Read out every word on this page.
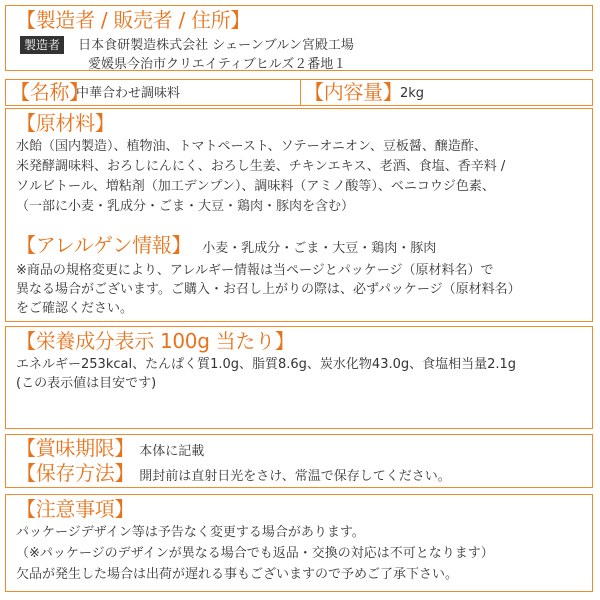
【製造者 / 販売者 / 住所】
製造者 日本食研製造株式会社 シェーンブルン宮殿工場
愛媛県今治市クリエイティブヒルズ２番地１
【名称】
中華合わせ調味料	【内容量】
2kg
【原材料】
水飴（国内製造）、植物油、トマトペースト、ソテーオニオン、豆板醤、醸造酢、
米発酵調味料、おろしにんにく、おろし生姜、チキンエキス、老酒、食塩、香辛料 /
ソルビトール、増粘剤（加工デンプン）、調味料（アミノ酸等）、ベニコウジ色素、
（一部に小麦・乳成分・ごま・大豆・鶏肉・豚肉を含む）
【アレルゲン情報】 小麦・乳成分・ごま・大豆・鶏肉・豚肉
※商品の規格変更により、アレルギー情報は当ページとパッケージ（原材料名）で
異なる場合がございます。ご購入・お召し上がりの際は、必ずパッケージ（原材料名）
をご確認ください。
【栄養成分表示 100g 当たり】
エネルギー253kcal、たんぱく質1.0g、脂質8.6g、炭水化物43.0g、食塩相当量2.1g
(この表示値は目安です)
【賞味期限】 本体に記載
【保存方法】 開封前は直射日光をさけ、常温で保存してください。
【注意事項】
パッケージデザイン等は予告なく変更する場合があります。
（※パッケージのデザインが異なる場合でも返品・交換の対応は不可となります）
欠品が発生した場合は出荷が遅れる事もございますので予めご了承下さい。
